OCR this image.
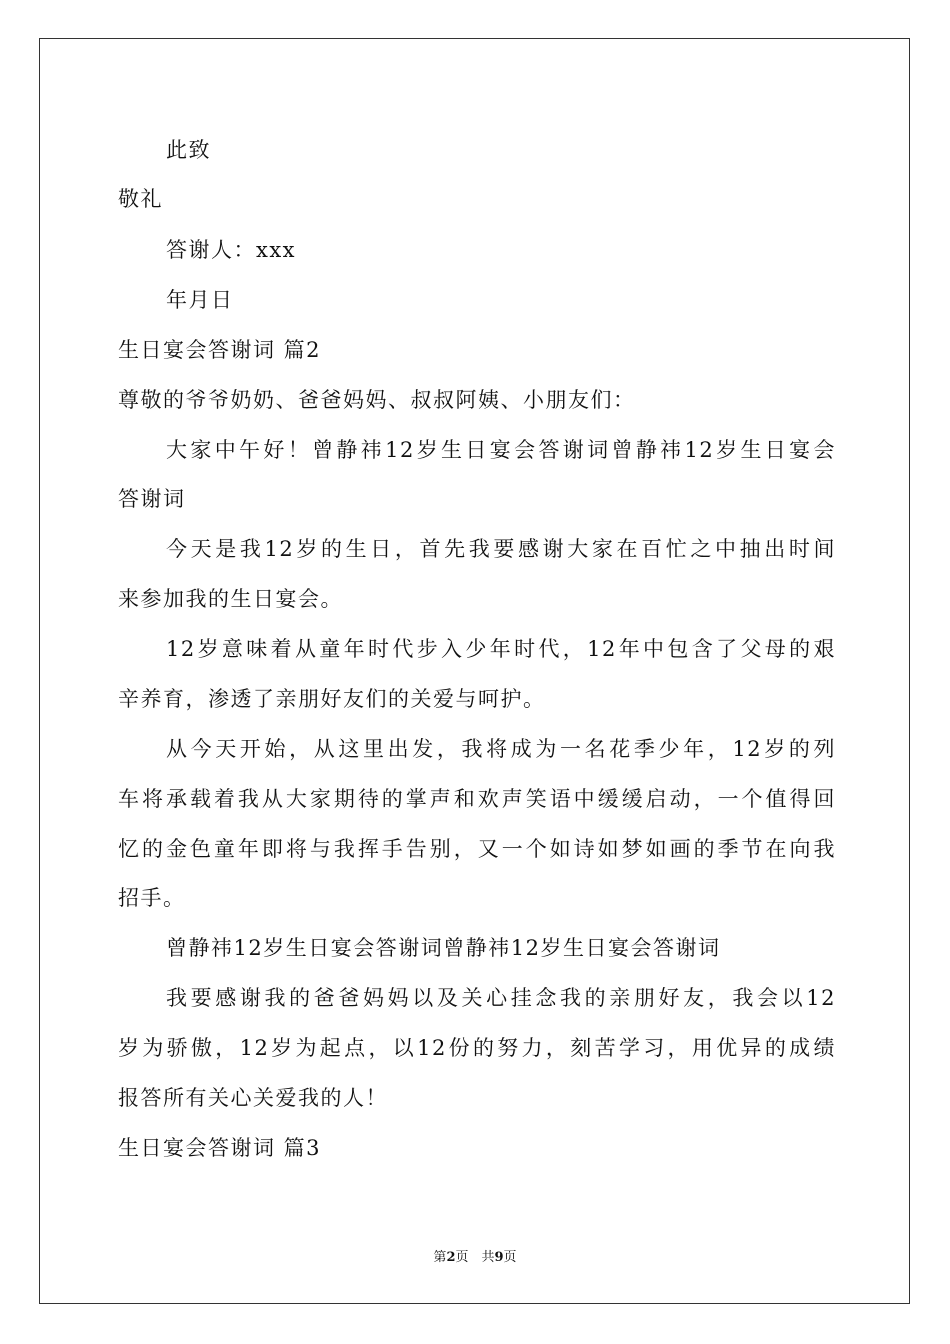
此致

敬礼

答谢人：xxx

年月日

生日宴会答谢词 篇2

尊敬的爷爷奶奶、爸爸妈妈、叔叔阿姨、小朋友们：

大家中午好！曾静祎12岁生日宴会答谢词曾静祎12岁生日宴会

答谢词

今天是我12岁的生日，首先我要感谢大家在百忙之中抽出时间

来参加我的生日宴会。

12岁意味着从童年时代步入少年时代，12年中包含了父母的艰

辛养育，渗透了亲朋好友们的关爱与呵护。

从今天开始，从这里出发，我将成为一名花季少年，12岁的列

车将承载着我从大家期待的掌声和欢声笑语中缓缓启动，一个值得回

忆的金色童年即将与我挥手告别，又一个如诗如梦如画的季节在向我

招手。

曾静祎12岁生日宴会答谢词曾静祎12岁生日宴会答谢词

我要感谢我的爸爸妈妈以及关心挂念我的亲朋好友，我会以12

岁为骄傲，12岁为起点，以12份的努力，刻苦学习，用优异的成绩

报答所有关心关爱我的人！

生日宴会答谢词 篇3

第2页　共9页
